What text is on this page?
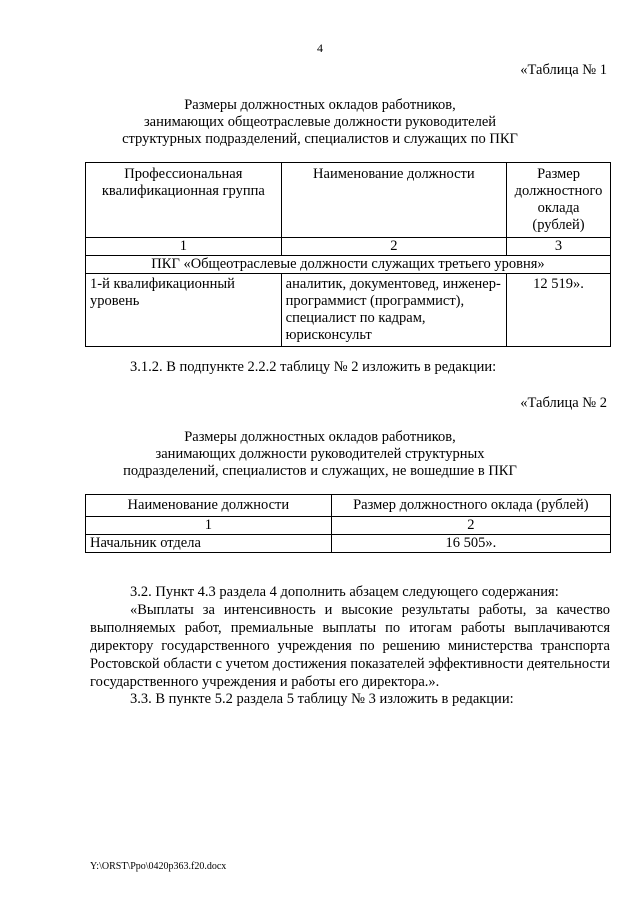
4
«Таблица № 1
Размеры должностных окладов работников,
занимающих общеотраслевые должности руководителей
структурных подразделений, специалистов и служащих по ПКГ
Профессиональная квалификационная группа	Наименование должности	Размер должностного оклада (рублей)
1	2	3
ПКГ «Общеотраслевые должности служащих третьего уровня»		
1-й квалификационный уровень	аналитик, документовед, инженер-программист (программист), специалист по кадрам, юрисконсульт	12 519».
3.1.2. В подпункте 2.2.2 таблицу № 2 изложить в редакции:
«Таблица № 2
Размеры должностных окладов работников,
занимающих должности руководителей структурных
подразделений, специалистов и служащих, не вошедшие в ПКГ
Наименование должности	Размер должностного оклада (рублей)
1	2
Начальник отдела	16 505».
3.2. Пункт 4.3 раздела 4 дополнить абзацем следующего содержания:
«Выплаты за интенсивность и высокие результаты работы, за качество выполняемых работ, премиальные выплаты по итогам работы выплачиваются директору государственного учреждения по решению министерства транспорта Ростовской области с учетом достижения показателей эффективности деятельности государственного учреждения и работы его директора.».
3.3. В пункте 5.2 раздела 5 таблицу № 3 изложить в редакции:
Y:\ORST\Ppo\0420p363.f20.docx
